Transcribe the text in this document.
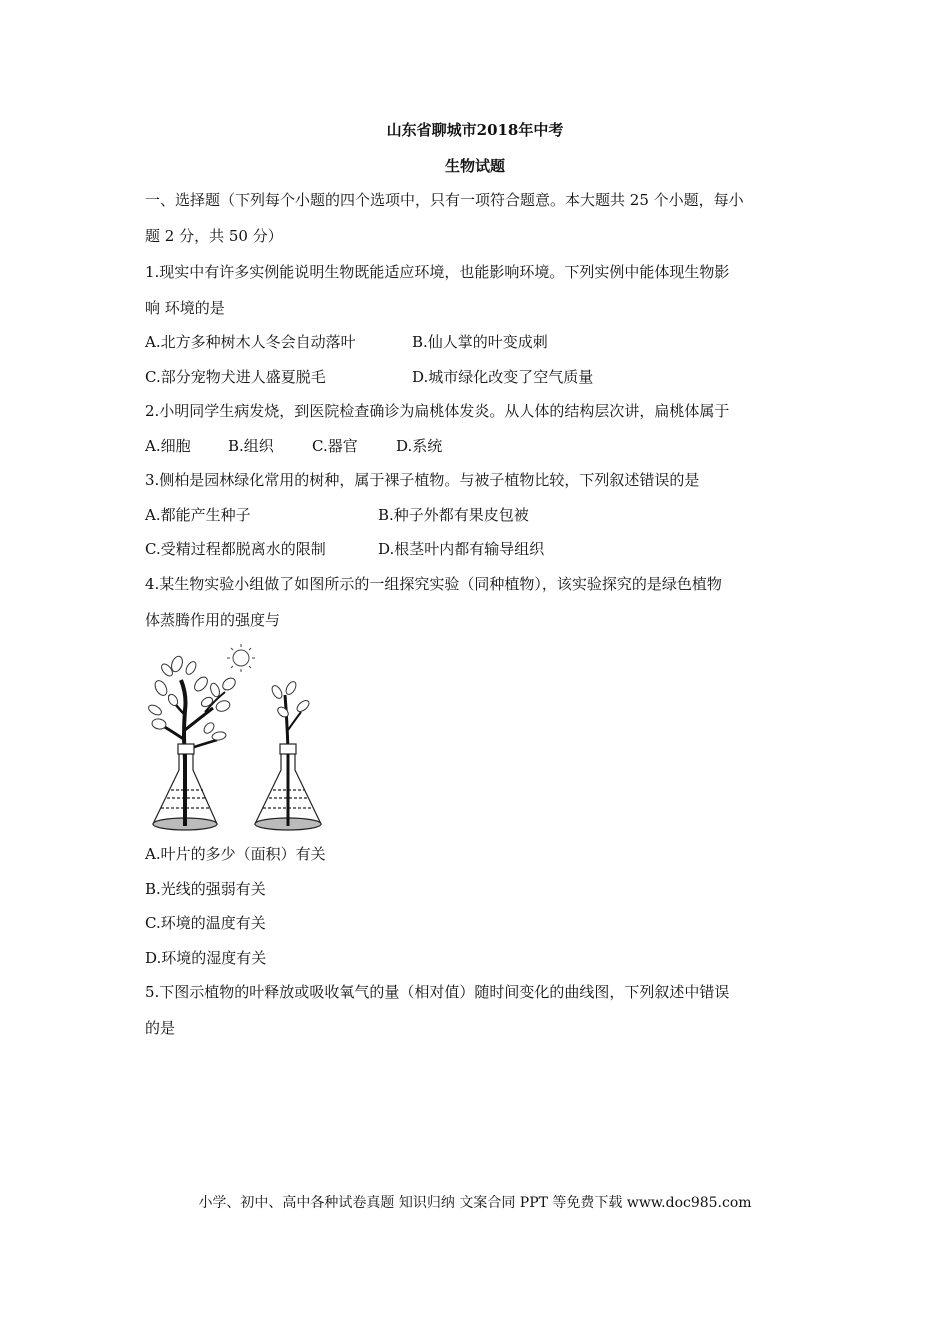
山东省聊城市2018年中考
生物试题
一、选择题（下列每个小题的四个选项中，只有一项符合题意。本大题共 25 个小题，每小
题 2 分，共 50 分）
1.现实中有许多实例能说明生物既能适应环境，也能影响环境。下列实例中能体现生物影
响 环境的是
A.北方多种树木人冬会自动落叶	B.仙人掌的叶变成刺
C.部分宠物犬进人盛夏脱毛	D.城市绿化改变了空气质量
2.小明同学生病发烧，到医院检查确诊为扁桃体发炎。从人体的结构层次讲，扁桃体属于
A.细胞 B.组织	C.器官	D.系统
3.侧柏是园林绿化常用的树种，属于裸子植物。与被子植物比较，下列叙述错误的是
A.都能产生种子	B.种子外都有果皮包被
C.受精过程都脱离水的限制	D.根茎叶内都有输导组织
4.某生物实验小组做了如图所示的一组探究实验（同种植物），该实验探究的是绿色植物
体蒸腾作用的强度与
A.叶片的多少（面积）有关
B.光线的强弱有关
C.环境的温度有关
D.环境的湿度有关
5.下图示植物的叶释放或吸收氧气的量（相对值）随时间变化的曲线图，下列叙述中错误
的是
小学、初中、高中各种试卷真题 知识归纳 文案合同 PPT 等免费下载 www.doc985.com
